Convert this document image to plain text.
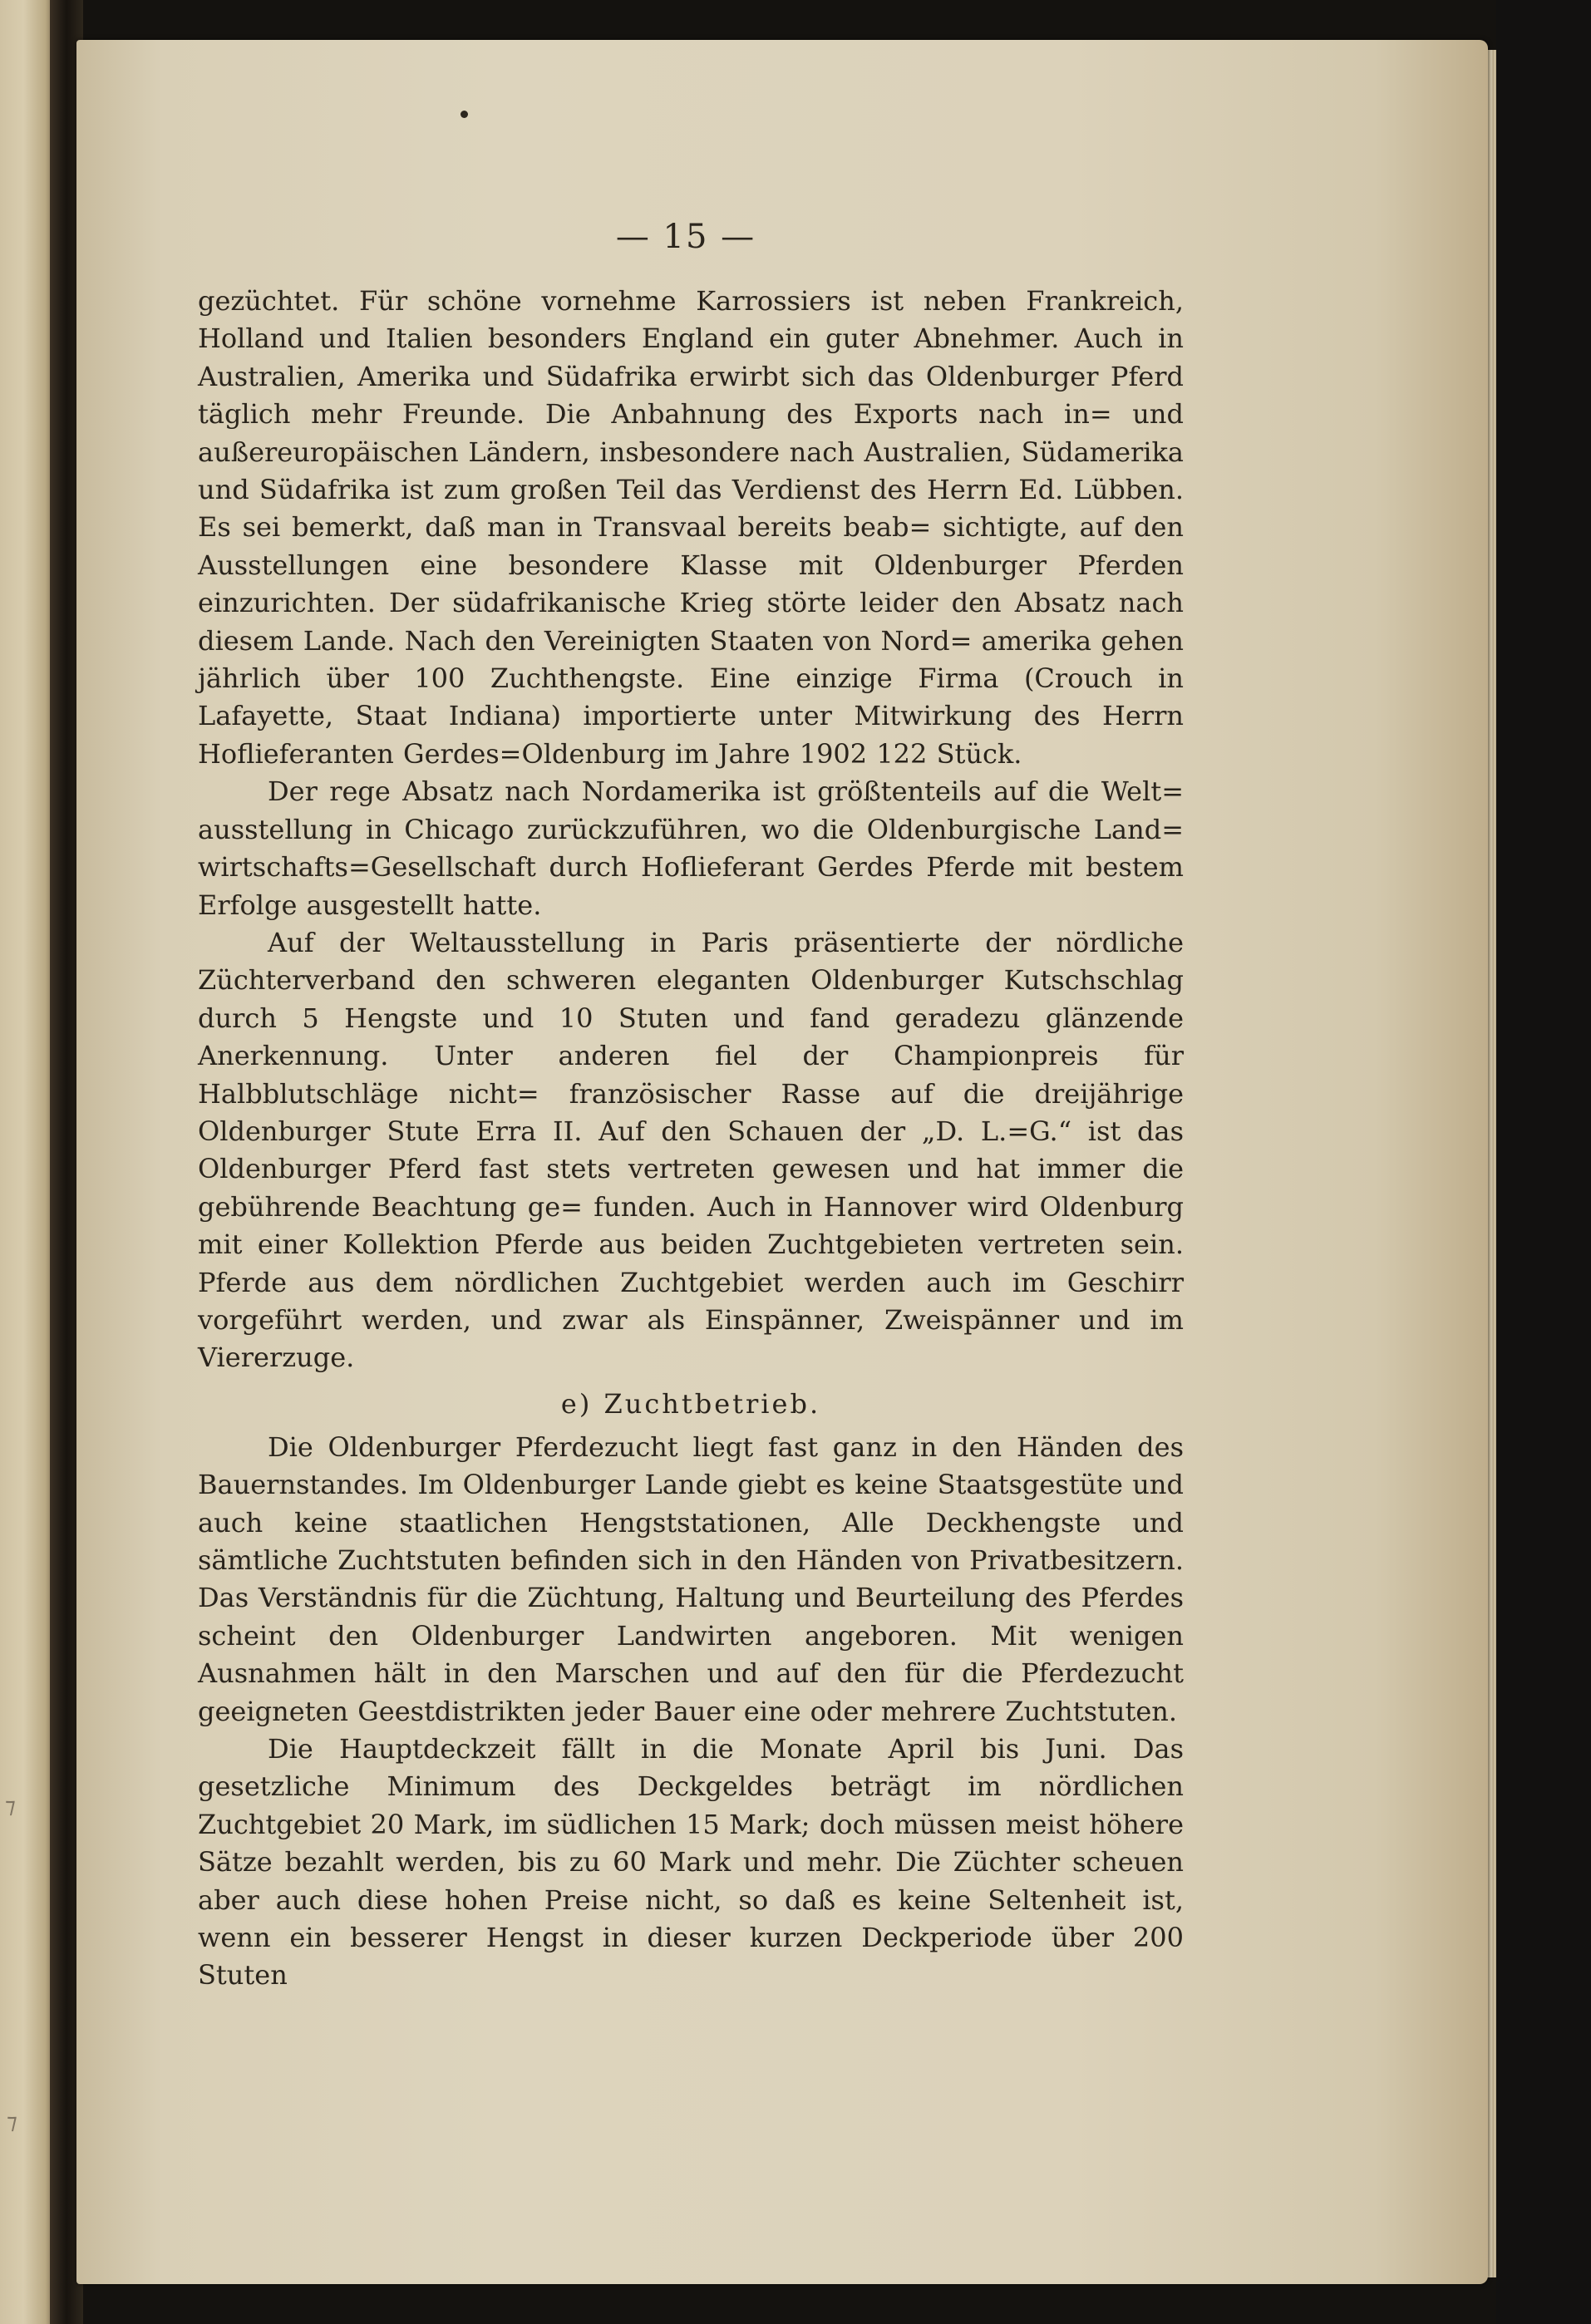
— 15 —

gezüchtet. Für schöne vornehme Karrossiers ist neben Frankreich, Holland und Italien besonders England ein guter Abnehmer. Auch in Australien, Amerika und Südafrika erwirbt sich das Oldenburger Pferd täglich mehr Freunde. Die Anbahnung des Exports nach in= und außereuropäischen Ländern, insbesondere nach Australien, Südamerika und Südafrika ist zum großen Teil das Verdienst des Herrn Ed. Lübben. Es sei bemerkt, daß man in Transvaal bereits beab= sichtigte, auf den Ausstellungen eine besondere Klasse mit Oldenburger Pferden einzurichten. Der südafrikanische Krieg störte leider den Absatz nach diesem Lande. Nach den Vereinigten Staaten von Nord= amerika gehen jährlich über 100 Zuchthengste. Eine einzige Firma (Crouch in Lafayette, Staat Indiana) importierte unter Mitwirkung des Herrn Hoflieferanten Gerdes=Oldenburg im Jahre 1902 122 Stück.

Der rege Absatz nach Nordamerika ist größtenteils auf die Welt= ausstellung in Chicago zurückzuführen, wo die Oldenburgische Land= wirtschafts=Gesellschaft durch Hoflieferant Gerdes Pferde mit bestem Erfolge ausgestellt hatte.

Auf der Weltausstellung in Paris präsentierte der nördliche Züchterverband den schweren eleganten Oldenburger Kutschschlag durch 5 Hengste und 10 Stuten und fand geradezu glänzende Anerkennung. Unter anderen fiel der Championpreis für Halbblutschläge nicht= französischer Rasse auf die dreijährige Oldenburger Stute Erra II. Auf den Schauen der „D. L.=G.“ ist das Oldenburger Pferd fast stets vertreten gewesen und hat immer die gebührende Beachtung ge= funden. Auch in Hannover wird Oldenburg mit einer Kollektion Pferde aus beiden Zuchtgebieten vertreten sein. Pferde aus dem nördlichen Zuchtgebiet werden auch im Geschirr vorgeführt werden, und zwar als Einspänner, Zweispänner und im Viererzuge.

e) Zuchtbetrieb.

Die Oldenburger Pferdezucht liegt fast ganz in den Händen des Bauernstandes. Im Oldenburger Lande giebt es keine Staatsgestüte und auch keine staatlichen Hengststationen, Alle Deckhengste und sämtliche Zuchtstuten befinden sich in den Händen von Privatbesitzern. Das Verständnis für die Züchtung, Haltung und Beurteilung des Pferdes scheint den Oldenburger Landwirten angeboren. Mit wenigen Ausnahmen hält in den Marschen und auf den für die Pferdezucht geeigneten Geestdistrikten jeder Bauer eine oder mehrere Zuchtstuten.

Die Hauptdeckzeit fällt in die Monate April bis Juni. Das gesetzliche Minimum des Deckgeldes beträgt im nördlichen Zuchtgebiet 20 Mark, im südlichen 15 Mark; doch müssen meist höhere Sätze bezahlt werden, bis zu 60 Mark und mehr. Die Züchter scheuen aber auch diese hohen Preise nicht, so daß es keine Seltenheit ist, wenn ein besserer Hengst in dieser kurzen Deckperiode über 200 Stuten

⁊
⁊
